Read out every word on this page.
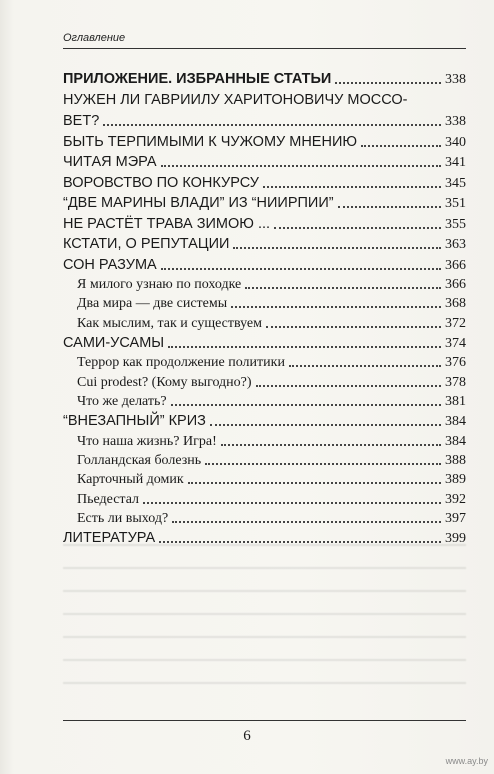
Оглавление
ПРИЛОЖЕНИЕ. ИЗБРАННЫЕ СТАТЬИ	338
НУЖЕН ЛИ ГАВРИИЛУ ХАРИТОНОВИЧУ МОССО-
ВЕТ?	338
БЫТЬ ТЕРПИМЫМИ К ЧУЖОМУ МНЕНИЮ	340
ЧИТАЯ МЭРА	341
ВОРОВСТВО ПО КОНКУРСУ	345
“ДВЕ МАРИНЫ ВЛАДИ” ИЗ “НИИРПИИ”	351
НЕ РАСТЁТ ТРАВА ЗИМОЮ ...	355
КСТАТИ, О РЕПУТАЦИИ	363
СОН РАЗУМА	366
Я милого узнаю по походке	366
Два мира — две системы	368
Как мыслим, так и существуем	372
САМИ-УСАМЫ	374
Террор как продолжение политики	376
Cui prodest? (Кому выгодно?)	378
Что же делать?	381
“ВНЕЗАПНЫЙ” КРИЗ	384
Что наша жизнь? Игра!	384
Голландская болезнь	388
Карточный домик	389
Пьедестал	392
Есть ли выход?	397
ЛИТЕРАТУРА	399
6
www.ay.by
